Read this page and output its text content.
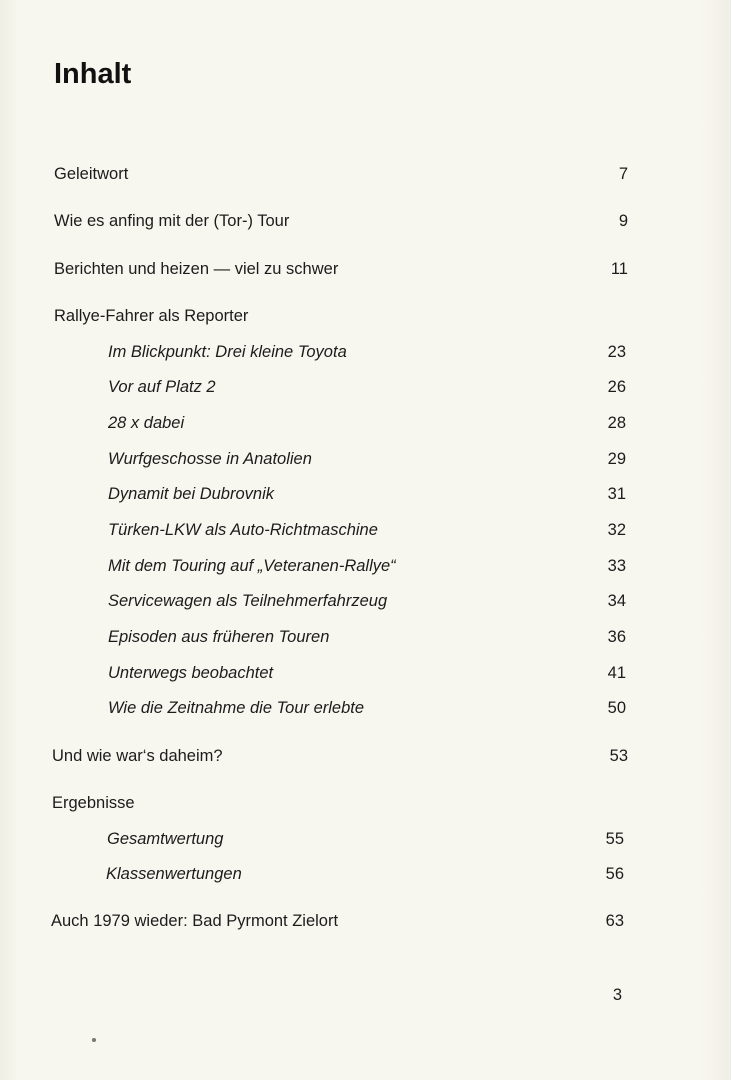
Inhalt
Geleitwort	7
Wie es anfing mit der (Tor-) Tour	9
Berichten und heizen — viel zu schwer	11
Rallye-Fahrer als Reporter
Im Blickpunkt: Drei kleine Toyota	23
Vor auf Platz 2	26
28 x dabei	28
Wurfgeschosse in Anatolien	29
Dynamit bei Dubrovnik	31
Türken-LKW als Auto-Richtmaschine	32
Mit dem Touring auf „Veteranen-Rallye“	33
Servicewagen als Teilnehmerfahrzeug	34
Episoden aus früheren Touren	36
Unterwegs beobachtet	41
Wie die Zeitnahme die Tour erlebte	50
Und wie war‘s daheim?	53
Ergebnisse
Gesamtwertung	55
Klassenwertungen	56
Auch 1979 wieder: Bad Pyrmont Zielort	63
3
